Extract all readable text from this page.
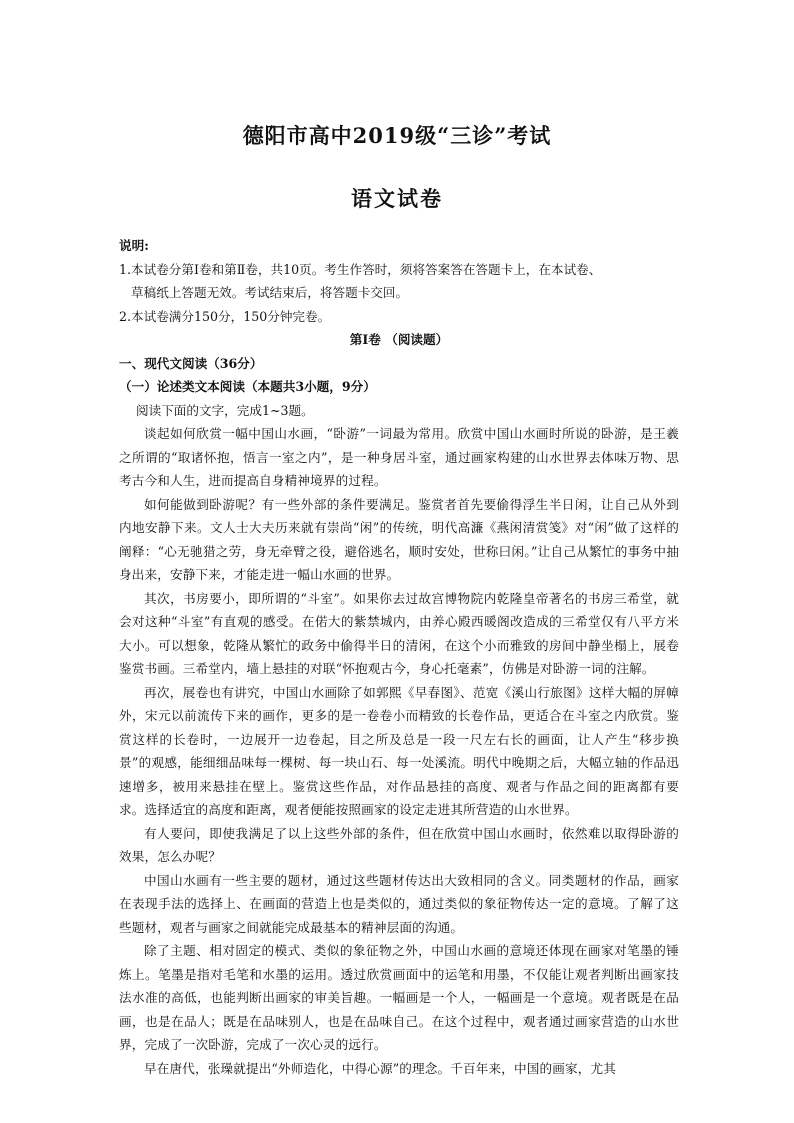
德阳市高中2019级“三诊”考试
语文试卷
说明:
1.本试卷分第Ⅰ卷和第Ⅱ卷，共10页。考生作答时，须将答案答在答题卡上，在本试卷、
草稿纸上答题无效。考试结束后，将答题卡交回。
2.本试卷满分150分，150分钟完卷。
第Ⅰ卷 （阅读题）
一、现代文阅读（36分）
（一）论述类文本阅读（本题共3小题，9分）
阅读下面的文字，完成1~3题。

谈起如何欣赏一幅中国山水画，“卧游”一词最为常用。欣赏中国山水画时所说的卧游，是王羲之所谓的“取诸怀抱，悟言一室之内”，是一种身居斗室，通过画家构建的山水世界去体味万物、思考古今和人生，进而提高自身精神境界的过程。

如何能做到卧游呢？有一些外部的条件要满足。鉴赏者首先要偷得浮生半日闲，让自己从外到内地安静下来。文人士大夫历来就有崇尚“闲”的传统，明代高濂《燕闲清赏笺》对“闲”做了这样的阐释：“心无驰猎之劳，身无牵臂之役，避俗逃名，顺时安处，世称曰闲。”让自己从繁忙的事务中抽身出来，安静下来，才能走进一幅山水画的世界。

其次，书房要小，即所谓的“斗室”。如果你去过故宫博物院内乾隆皇帝著名的书房三希堂，就会对这种“斗室”有直观的感受。在偌大的紫禁城内，由养心殿西暖阁改造成的三希堂仅有八平方米大小。可以想象，乾隆从繁忙的政务中偷得半日的清闲，在这个小而雅致的房间中静坐榻上，展卷鉴赏书画。三希堂内，墙上悬挂的对联“怀抱观古今，身心托毫素”，仿佛是对卧游一词的注解。

再次，展卷也有讲究，中国山水画除了如郭熙《早春图》、范宽《溪山行旅图》这样大幅的屏幛外，宋元以前流传下来的画作，更多的是一卷卷小而精致的长卷作品，更适合在斗室之内欣赏。鉴赏这样的长卷时，一边展开一边卷起，目之所及总是一段一尺左右长的画面，让人产生“移步换景”的观感，能细细品味每一棵树、每一块山石、每一处溪流。明代中晚期之后，大幅立轴的作品迅速增多，被用来悬挂在壁上。鉴赏这些作品，对作品悬挂的高度、观者与作品之间的距离都有要求。选择适宜的高度和距离，观者便能按照画家的设定走进其所营造的山水世界。

有人要问，即使我满足了以上这些外部的条件，但在欣赏中国山水画时，依然难以取得卧游的效果，怎么办呢？

中国山水画有一些主要的题材，通过这些题材传达出大致相同的含义。同类题材的作品，画家在表现手法的选择上、在画面的营造上也是类似的，通过类似的象征物传达一定的意境。了解了这些题材，观者与画家之间就能完成最基本的精神层面的沟通。

除了主题、相对固定的模式、类似的象征物之外，中国山水画的意境还体现在画家对笔墨的锤炼上。笔墨是指对毛笔和水墨的运用。透过欣赏画面中的运笔和用墨，不仅能让观者判断出画家技法水准的高低，也能判断出画家的审美旨趣。一幅画是一个人，一幅画是一个意境。观者既是在品画，也是在品人；既是在品味别人，也是在品味自己。在这个过程中，观者通过画家营造的山水世界，完成了一次卧游，完成了一次心灵的远行。

早在唐代，张璪就提出“外师造化，中得心源”的理念。千百年来，中国的画家，尤其
